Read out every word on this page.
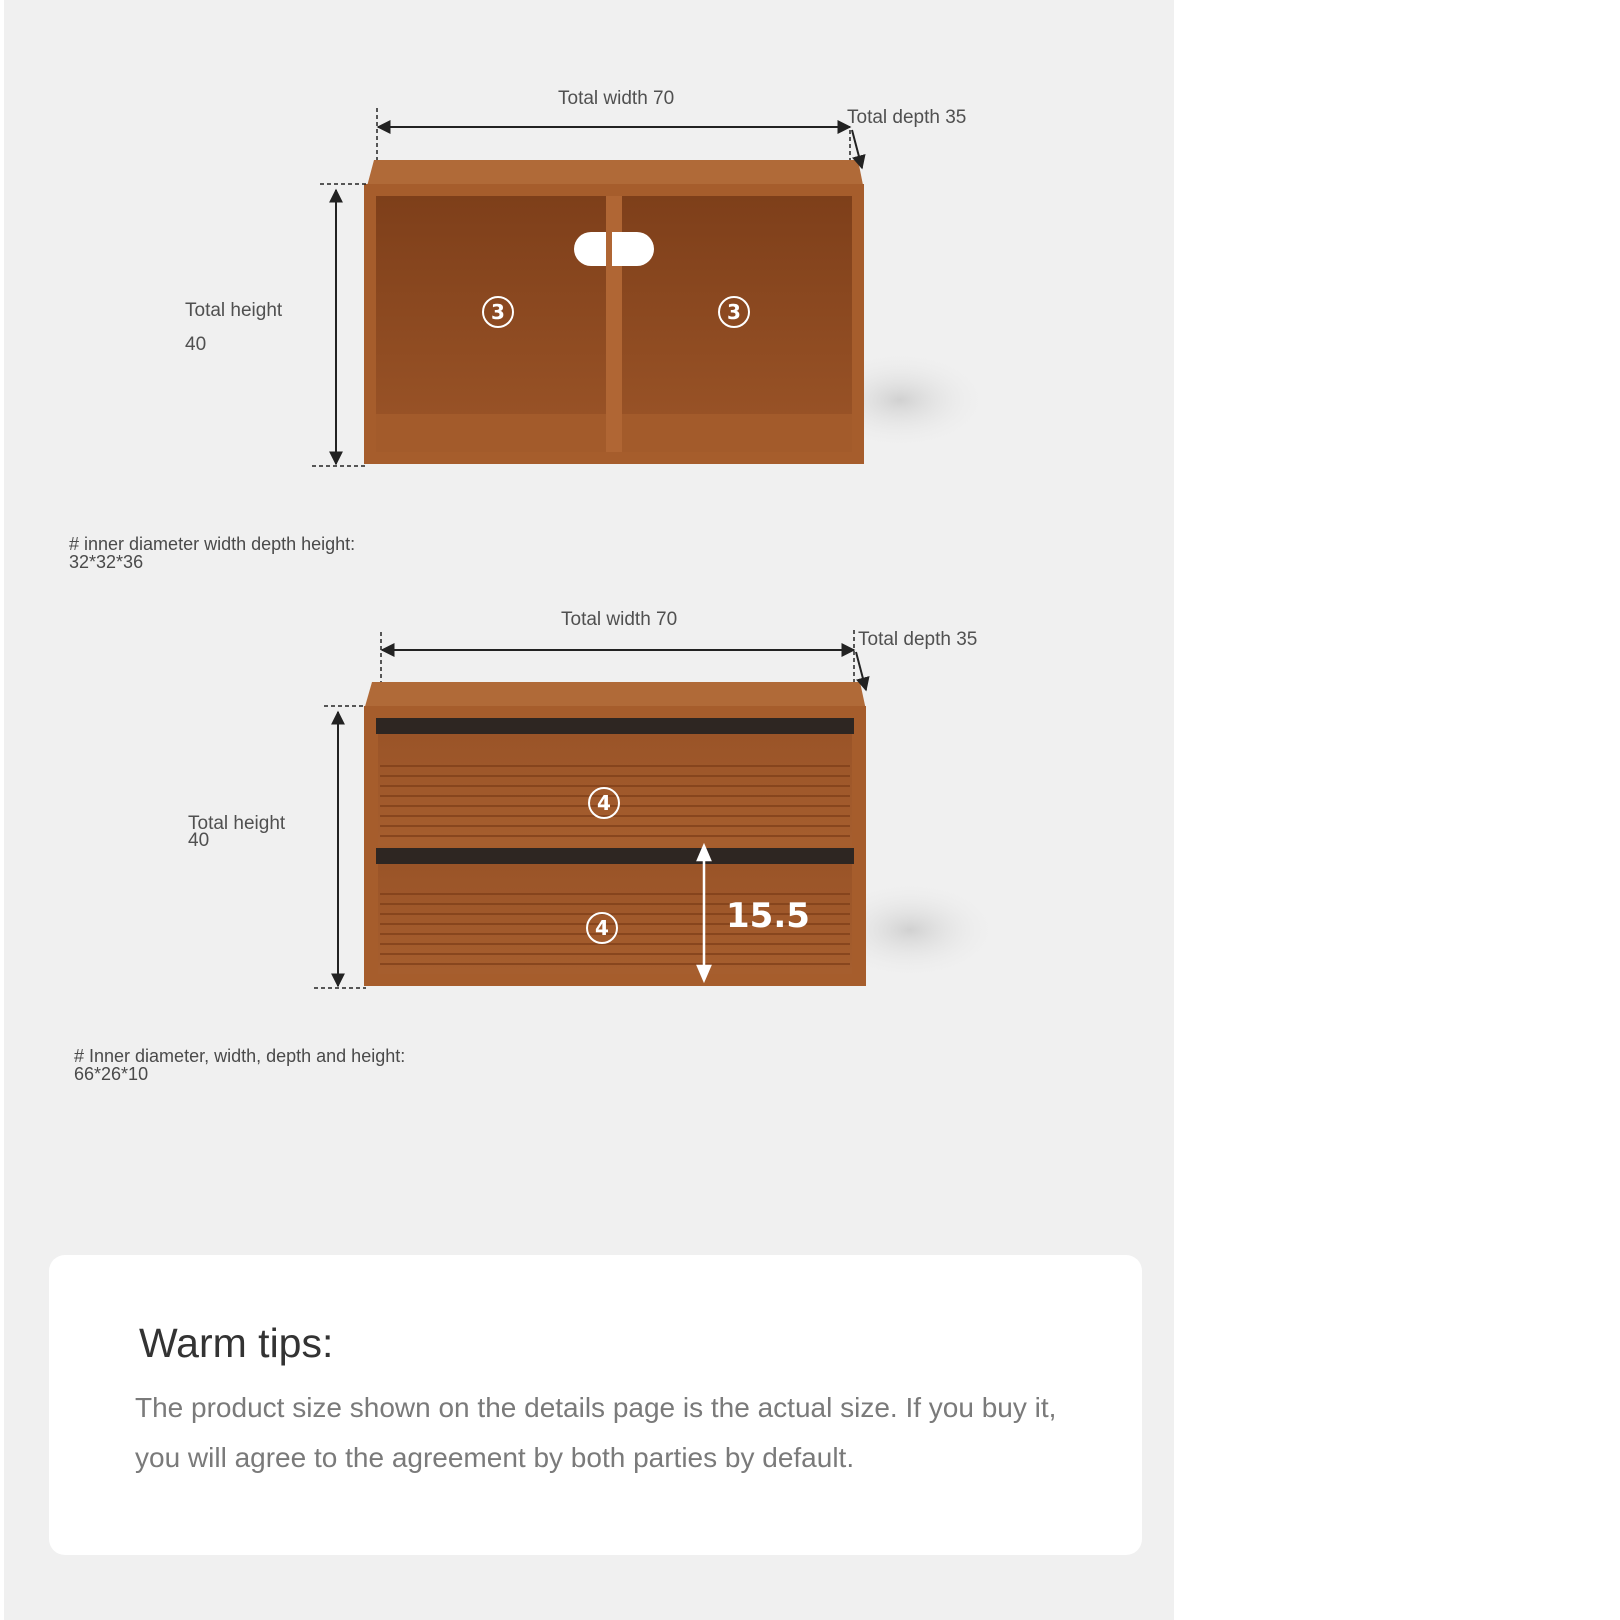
Total width 70
Total depth 35
Total height
40
3	3
# inner diameter width depth height:
32*32*36
Total width 70
Total depth 35
Total height
40
4
4	15.5
# Inner diameter, width, depth and height:
66*26*10
Warm tips:
The product size shown on the details page is the actual size. If you buy it, you will agree to the agreement by both parties by default.
